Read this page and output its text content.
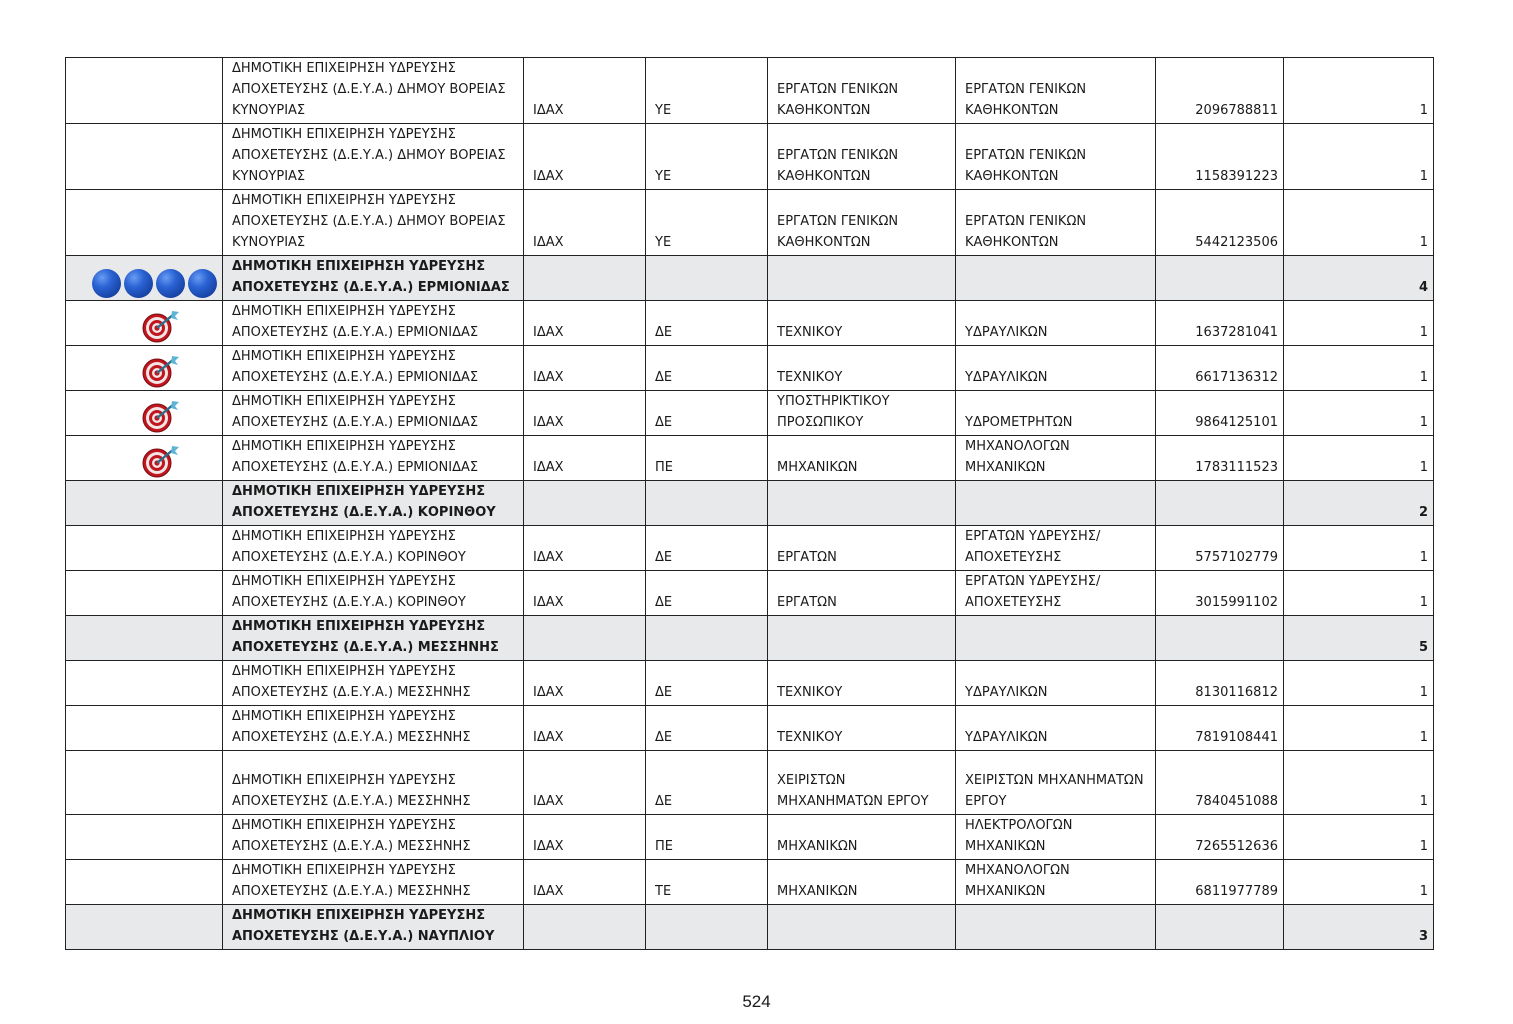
	ΔΗΜΟΤΙΚΗ ΕΠΙΧΕΙΡΗΣΗ ΥΔΡΕΥΣΗΣ ΑΠΟΧΕΤΕΥΣΗΣ (Δ.Ε.Υ.Α.) ΔΗΜΟΥ ΒΟΡΕΙΑΣ ΚΥΝΟΥΡΙΑΣ	ΙΔΑΧ	ΥΕ	ΕΡΓΑΤΩΝ ΓΕΝΙΚΩΝ ΚΑΘΗΚΟΝΤΩΝ	ΕΡΓΑΤΩΝ ΓΕΝΙΚΩΝ ΚΑΘΗΚΟΝΤΩΝ	2096788811	1
	ΔΗΜΟΤΙΚΗ ΕΠΙΧΕΙΡΗΣΗ ΥΔΡΕΥΣΗΣ ΑΠΟΧΕΤΕΥΣΗΣ (Δ.Ε.Υ.Α.) ΔΗΜΟΥ ΒΟΡΕΙΑΣ ΚΥΝΟΥΡΙΑΣ	ΙΔΑΧ	ΥΕ	ΕΡΓΑΤΩΝ ΓΕΝΙΚΩΝ ΚΑΘΗΚΟΝΤΩΝ	ΕΡΓΑΤΩΝ ΓΕΝΙΚΩΝ ΚΑΘΗΚΟΝΤΩΝ	1158391223	1
	ΔΗΜΟΤΙΚΗ ΕΠΙΧΕΙΡΗΣΗ ΥΔΡΕΥΣΗΣ ΑΠΟΧΕΤΕΥΣΗΣ (Δ.Ε.Υ.Α.) ΔΗΜΟΥ ΒΟΡΕΙΑΣ ΚΥΝΟΥΡΙΑΣ	ΙΔΑΧ	ΥΕ	ΕΡΓΑΤΩΝ ΓΕΝΙΚΩΝ ΚΑΘΗΚΟΝΤΩΝ	ΕΡΓΑΤΩΝ ΓΕΝΙΚΩΝ ΚΑΘΗΚΟΝΤΩΝ	5442123506	1

	ΔΗΜΟΤΙΚΗ ΕΠΙΧΕΙΡΗΣΗ ΥΔΡΕΥΣΗΣ ΑΠΟΧΕΤΕΥΣΗΣ (Δ.Ε.Υ.Α.) ΕΡΜΙΟΝΙΔΑΣ						4
	ΔΗΜΟΤΙΚΗ ΕΠΙΧΕΙΡΗΣΗ ΥΔΡΕΥΣΗΣ ΑΠΟΧΕΤΕΥΣΗΣ (Δ.Ε.Υ.Α.) ΕΡΜΙΟΝΙΔΑΣ	ΙΔΑΧ	ΔΕ	ΤΕΧΝΙΚΟΥ	ΥΔΡΑΥΛΙΚΩΝ	1637281041	1
	ΔΗΜΟΤΙΚΗ ΕΠΙΧΕΙΡΗΣΗ ΥΔΡΕΥΣΗΣ ΑΠΟΧΕΤΕΥΣΗΣ (Δ.Ε.Υ.Α.) ΕΡΜΙΟΝΙΔΑΣ	ΙΔΑΧ	ΔΕ	ΤΕΧΝΙΚΟΥ	ΥΔΡΑΥΛΙΚΩΝ	6617136312	1
	ΔΗΜΟΤΙΚΗ ΕΠΙΧΕΙΡΗΣΗ ΥΔΡΕΥΣΗΣ ΑΠΟΧΕΤΕΥΣΗΣ (Δ.Ε.Υ.Α.) ΕΡΜΙΟΝΙΔΑΣ	ΙΔΑΧ	ΔΕ	ΥΠΟΣΤΗΡΙΚΤΙΚΟΥ ΠΡΟΣΩΠΙΚΟΥ	ΥΔΡΟΜΕΤΡΗΤΩΝ	9864125101	1
	ΔΗΜΟΤΙΚΗ ΕΠΙΧΕΙΡΗΣΗ ΥΔΡΕΥΣΗΣ ΑΠΟΧΕΤΕΥΣΗΣ (Δ.Ε.Υ.Α.) ΕΡΜΙΟΝΙΔΑΣ	ΙΔΑΧ	ΠΕ	ΜΗΧΑΝΙΚΩΝ	ΜΗΧΑΝΟΛΟΓΩΝ ΜΗΧΑΝΙΚΩΝ	1783111523	1
	ΔΗΜΟΤΙΚΗ ΕΠΙΧΕΙΡΗΣΗ ΥΔΡΕΥΣΗΣ ΑΠΟΧΕΤΕΥΣΗΣ (Δ.Ε.Υ.Α.) ΚΟΡΙΝΘΟΥ						2
	ΔΗΜΟΤΙΚΗ ΕΠΙΧΕΙΡΗΣΗ ΥΔΡΕΥΣΗΣ ΑΠΟΧΕΤΕΥΣΗΣ (Δ.Ε.Υ.Α.) ΚΟΡΙΝΘΟΥ	ΙΔΑΧ	ΔΕ	ΕΡΓΑΤΩΝ	ΕΡΓΑΤΩΝ ΥΔΡΕΥΣΗΣ/ΑΠΟΧΕΤΕΥΣΗΣ	5757102779	1
	ΔΗΜΟΤΙΚΗ ΕΠΙΧΕΙΡΗΣΗ ΥΔΡΕΥΣΗΣ ΑΠΟΧΕΤΕΥΣΗΣ (Δ.Ε.Υ.Α.) ΚΟΡΙΝΘΟΥ	ΙΔΑΧ	ΔΕ	ΕΡΓΑΤΩΝ	ΕΡΓΑΤΩΝ ΥΔΡΕΥΣΗΣ/ΑΠΟΧΕΤΕΥΣΗΣ	3015991102	1
	ΔΗΜΟΤΙΚΗ ΕΠΙΧΕΙΡΗΣΗ ΥΔΡΕΥΣΗΣ ΑΠΟΧΕΤΕΥΣΗΣ (Δ.Ε.Υ.Α.) ΜΕΣΣΗΝΗΣ						5
	ΔΗΜΟΤΙΚΗ ΕΠΙΧΕΙΡΗΣΗ ΥΔΡΕΥΣΗΣ ΑΠΟΧΕΤΕΥΣΗΣ (Δ.Ε.Υ.Α.) ΜΕΣΣΗΝΗΣ	ΙΔΑΧ	ΔΕ	ΤΕΧΝΙΚΟΥ	ΥΔΡΑΥΛΙΚΩΝ	8130116812	1
	ΔΗΜΟΤΙΚΗ ΕΠΙΧΕΙΡΗΣΗ ΥΔΡΕΥΣΗΣ ΑΠΟΧΕΤΕΥΣΗΣ (Δ.Ε.Υ.Α.) ΜΕΣΣΗΝΗΣ	ΙΔΑΧ	ΔΕ	ΤΕΧΝΙΚΟΥ	ΥΔΡΑΥΛΙΚΩΝ	7819108441	1
	ΔΗΜΟΤΙΚΗ ΕΠΙΧΕΙΡΗΣΗ ΥΔΡΕΥΣΗΣ ΑΠΟΧΕΤΕΥΣΗΣ (Δ.Ε.Υ.Α.) ΜΕΣΣΗΝΗΣ	ΙΔΑΧ	ΔΕ	ΧΕΙΡΙΣΤΩΝ ΜΗΧΑΝΗΜΑΤΩΝ ΕΡΓΟΥ	ΧΕΙΡΙΣΤΩΝ ΜΗΧΑΝΗΜΑΤΩΝ ΕΡΓΟΥ	7840451088	1
	ΔΗΜΟΤΙΚΗ ΕΠΙΧΕΙΡΗΣΗ ΥΔΡΕΥΣΗΣ ΑΠΟΧΕΤΕΥΣΗΣ (Δ.Ε.Υ.Α.) ΜΕΣΣΗΝΗΣ	ΙΔΑΧ	ΠΕ	ΜΗΧΑΝΙΚΩΝ	ΗΛΕΚΤΡΟΛΟΓΩΝ ΜΗΧΑΝΙΚΩΝ	7265512636	1
	ΔΗΜΟΤΙΚΗ ΕΠΙΧΕΙΡΗΣΗ ΥΔΡΕΥΣΗΣ ΑΠΟΧΕΤΕΥΣΗΣ (Δ.Ε.Υ.Α.) ΜΕΣΣΗΝΗΣ	ΙΔΑΧ	ΤΕ	ΜΗΧΑΝΙΚΩΝ	ΜΗΧΑΝΟΛΟΓΩΝ ΜΗΧΑΝΙΚΩΝ	6811977789	1
	ΔΗΜΟΤΙΚΗ ΕΠΙΧΕΙΡΗΣΗ ΥΔΡΕΥΣΗΣ ΑΠΟΧΕΤΕΥΣΗΣ (Δ.Ε.Υ.Α.) ΝΑΥΠΛΙΟΥ						3
524
